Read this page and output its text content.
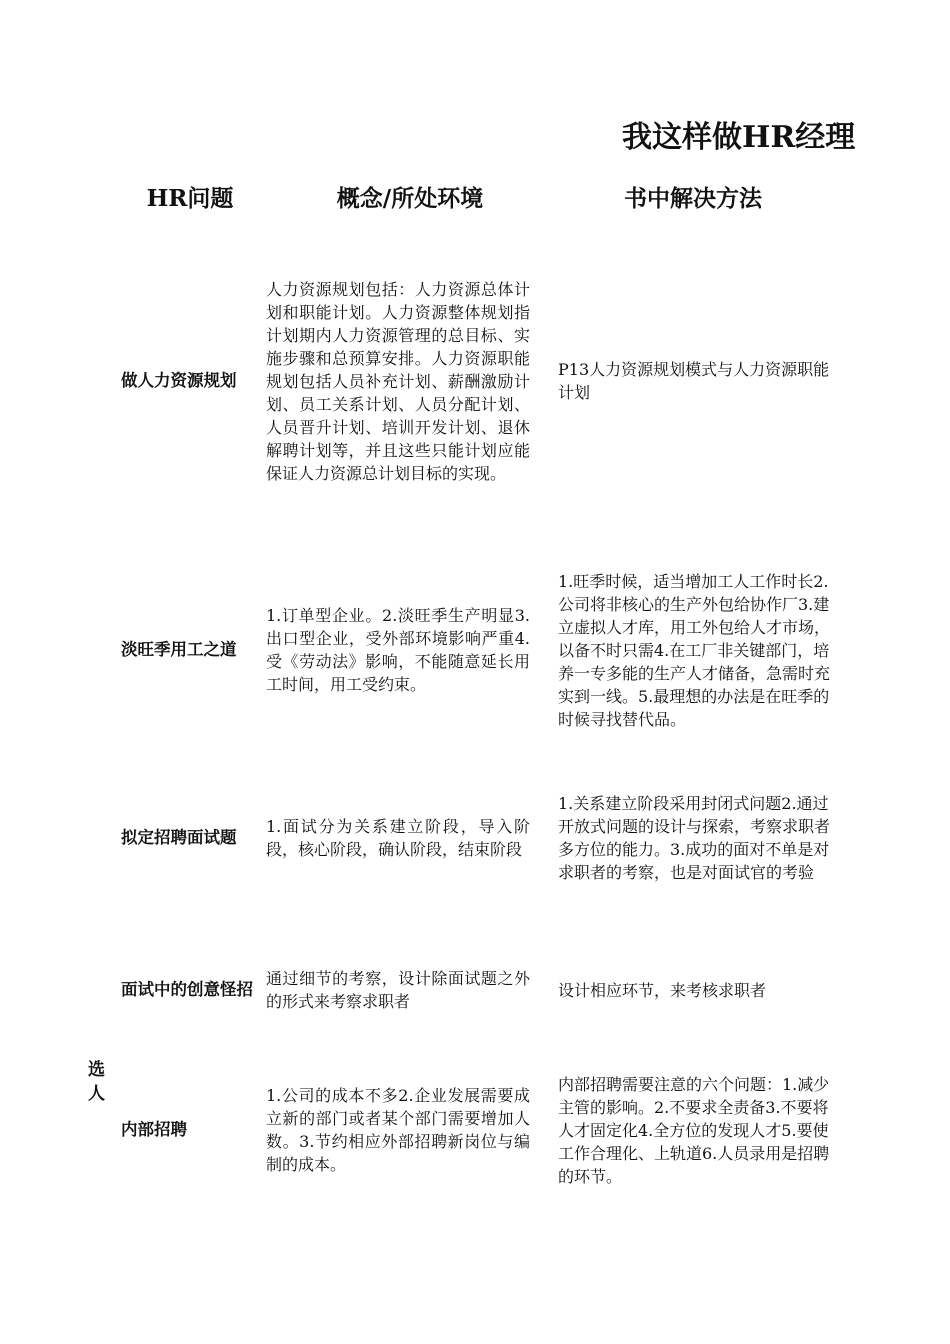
我这样做HR经理
HR问题	概念/所处环境	书中解决方法
做人力资源规划
人力资源规划包括：人力资源总体计划和职能计划。人力资源整体规划指计划期内人力资源管理的总目标、实施步骤和总预算安排。人力资源职能规划包括人员补充计划、薪酬激励计划、员工关系计划、人员分配计划、人员晋升计划、培训开发计划、退休解聘计划等，并且这些只能计划应能保证人力资源总计划目标的实现。
P13人力资源规划模式与人力资源职能计划
淡旺季用工之道
1.订单型企业。2.淡旺季生产明显3.出口型企业，受外部环境影响严重4.受《劳动法》影响，不能随意延长用工时间，用工受约束。
1.旺季时候，适当增加工人工作时长2.公司将非核心的生产外包给协作厂3.建立虚拟人才库，用工外包给人才市场，以备不时只需4.在工厂非关键部门，培养一专多能的生产人才储备，急需时充实到一线。5.最理想的办法是在旺季的时候寻找替代品。
拟定招聘面试题
1.面试分为关系建立阶段，导入阶段，核心阶段，确认阶段，结束阶段
1.关系建立阶段采用封闭式问题2.通过开放式问题的设计与探索，考察求职者多方位的能力。3.成功的面对不单是对求职者的考察，也是对面试官的考验
面试中的创意怪招
通过细节的考察，设计除面试题之外的形式来考察求职者
设计相应环节，来考核求职者
内部招聘
1.公司的成本不多2.企业发展需要成立新的部门或者某个部门需要增加人数。3.节约相应外部招聘新岗位与编制的成本。
内部招聘需要注意的六个问题：1.减少主管的影响。2.不要求全责备3.不要将人才固定化4.全方位的发现人才5.要使工作合理化、上轨道6.人员录用是招聘的环节。
选人
